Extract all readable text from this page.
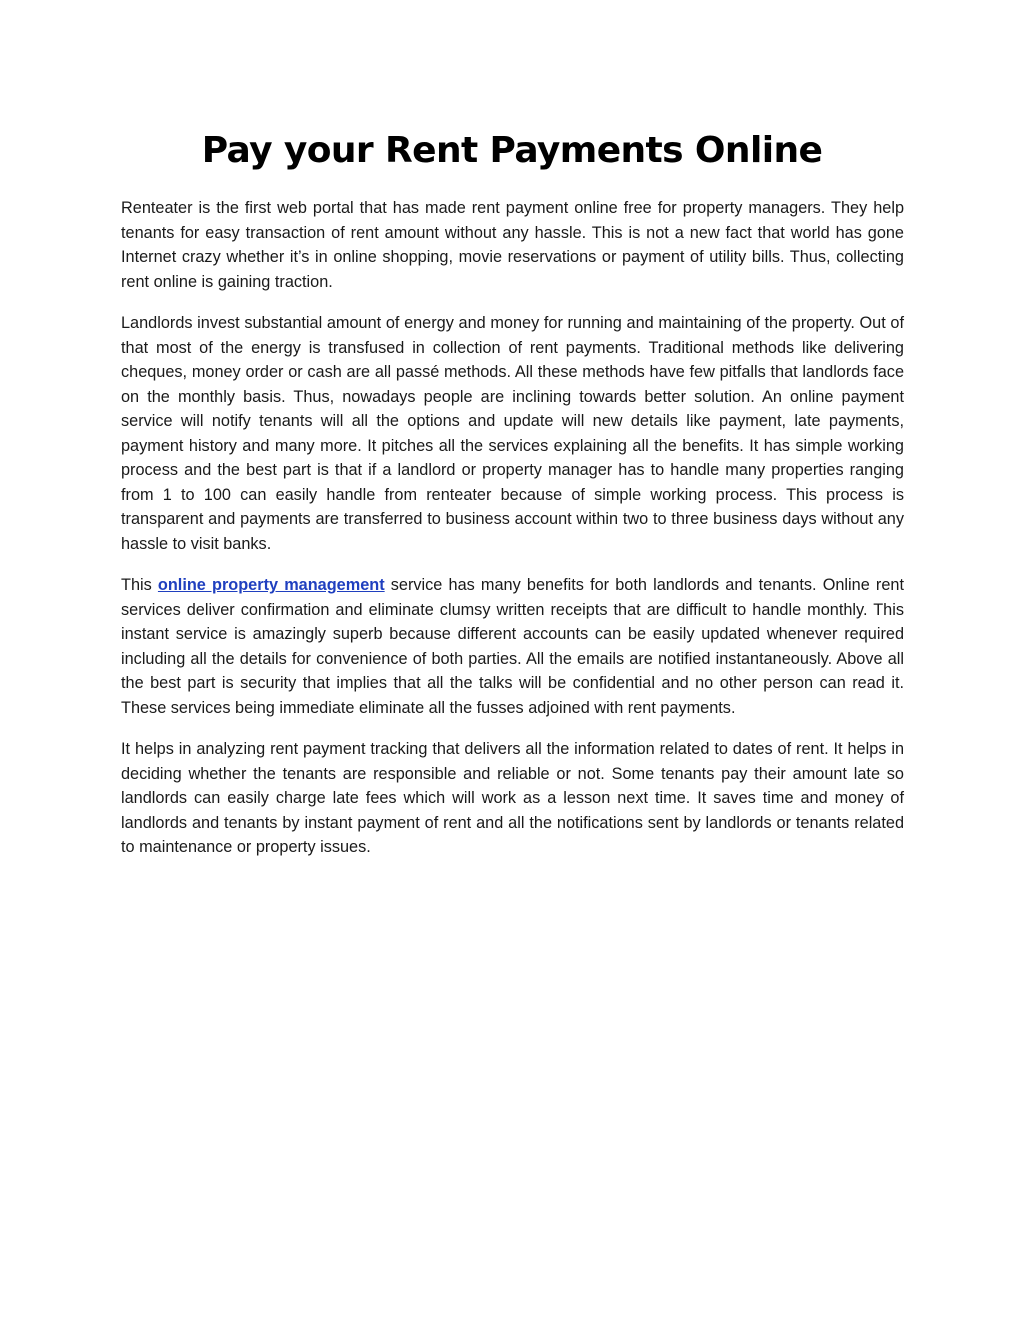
Pay your Rent Payments Online

Renteater is the first web portal that has made rent payment online free for property managers. They help tenants for easy transaction of rent amount without any hassle. This is not a new fact that world has gone Internet crazy whether it’s in online shopping, movie reservations or payment of utility bills. Thus, collecting rent online is gaining traction.

Landlords invest substantial amount of energy and money for running and maintaining of the property. Out of that most of the energy is transfused in collection of rent payments. Traditional methods like delivering cheques, money order or cash are all passé methods. All these methods have few pitfalls that landlords face on the monthly basis. Thus, nowadays people are inclining towards better solution. An online payment service will notify tenants will all the options and update will new details like payment, late payments, payment history and many more. It pitches all the services explaining all the benefits. It has simple working process and the best part is that if a landlord or property manager has to handle many properties ranging from 1 to 100 can easily handle from renteater because of simple working process. This process is transparent and payments are transferred to business account within two to three business days without any hassle to visit banks.

This online property management service has many benefits for both landlords and tenants. Online rent services deliver confirmation and eliminate clumsy written receipts that are difficult to handle monthly. This instant service is amazingly superb because different accounts can be easily updated whenever required including all the details for convenience of both parties. All the emails are notified instantaneously. Above all the best part is security that implies that all the talks will be confidential and no other person can read it. These services being immediate eliminate all the fusses adjoined with rent payments.

It helps in analyzing rent payment tracking that delivers all the information related to dates of rent. It helps in deciding whether the tenants are responsible and reliable or not. Some tenants pay their amount late so landlords can easily charge late fees which will work as a lesson next time. It saves time and money of landlords and tenants by instant payment of rent and all the notifications sent by landlords or tenants related to maintenance or property issues.
